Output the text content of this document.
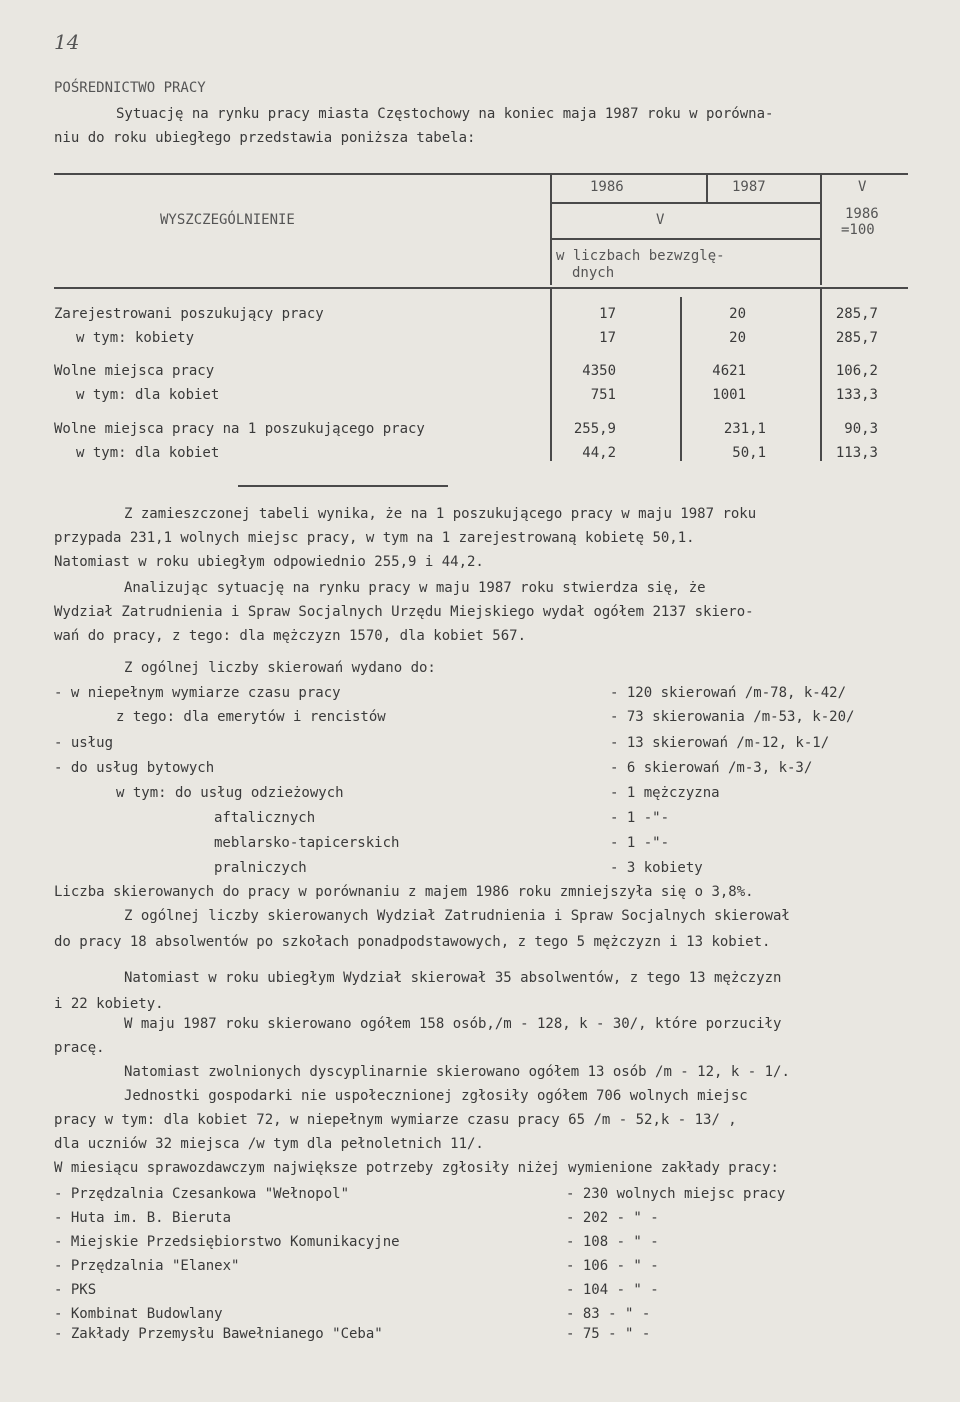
14
POŚREDNICTWO PRACY
Sytuację na rynku pracy miasta Częstochowy na koniec maja 1987 roku w porówna-
niu do roku ubiegłego przedstawia poniższa tabela:
WYSZCZEGÓLNIENIE
1986	1987	V
V	1986
=100
w liczbach bezwzglę-
dnych
Zarejestrowani poszukujący pracy	17	20	285,7
w tym: kobiety	17	20	285,7
Wolne miejsca pracy	4350	4621	106,2
w tym: dla kobiet	751	1001	133,3
Wolne miejsca pracy na 1 poszukującego pracy	255,9	231,1	90,3
w tym: dla kobiet	44,2	50,1	113,3
Z zamieszczonej tabeli wynika, że na 1 poszukującego pracy w maju 1987 roku
przypada 231,1 wolnych miejsc pracy, w tym na 1 zarejestrowaną kobietę 50,1.
Natomiast w roku ubiegłym odpowiednio 255,9 i 44,2.
Analizując sytuację na rynku pracy w maju 1987 roku stwierdza się, że
Wydział Zatrudnienia i Spraw Socjalnych Urzędu Miejskiego wydał ogółem 2137 skiero-
wań do pracy, z tego: dla mężczyzn 1570, dla kobiet 567.
Z ogólnej liczby skierowań wydano do:
- w niepełnym wymiarze czasu pracy	- 120 skierowań /m-78, k-42/
z tego: dla emerytów i rencistów	- 73 skierowania /m-53, k-20/
- usług	- 13 skierowań /m-12, k-1/
- do usług bytowych	- 6 skierowań /m-3, k-3/
w tym: do usług odzieżowych	- 1 mężczyzna
aftalicznych	- 1 -"-
meblarsko-tapicerskich	- 1 -"-
pralniczych	- 3 kobiety
Liczba skierowanych do pracy w porównaniu z majem 1986 roku zmniejszyła się o 3,8%.
Z ogólnej liczby skierowanych Wydział Zatrudnienia i Spraw Socjalnych skierował
do pracy 18 absolwentów po szkołach ponadpodstawowych, z tego 5 mężczyzn i 13 kobiet.
Natomiast w roku ubiegłym Wydział skierował 35 absolwentów, z tego 13 mężczyzn
i 22 kobiety.
W maju 1987 roku skierowano ogółem 158 osób,/m - 128, k - 30/, które porzuciły
pracę.
Natomiast zwolnionych dyscyplinarnie skierowano ogółem 13 osób /m - 12, k - 1/.
Jednostki gospodarki nie uspołecznionej zgłosiły ogółem 706 wolnych miejsc
pracy w tym: dla kobiet 72, w niepełnym wymiarze czasu pracy 65 /m - 52,k - 13/ ,
dla uczniów 32 miejsca /w tym dla pełnoletnich 11/.
W miesiącu sprawozdawczym największe potrzeby zgłosiły niżej wymienione zakłady pracy:
- Przędzalnia Czesankowa "Wełnopol"	- 230 wolnych miejsc pracy
- Huta im. B. Bieruta	- 202 - " -
- Miejskie Przedsiębiorstwo Komunikacyjne	- 108 - " -
- Przędzalnia "Elanex"	- 106 - " -
- PKS	- 104 - " -
- Kombinat Budowlany	- 83 - " -
- Zakłady Przemysłu Bawełnianego "Ceba"	- 75 - " -
